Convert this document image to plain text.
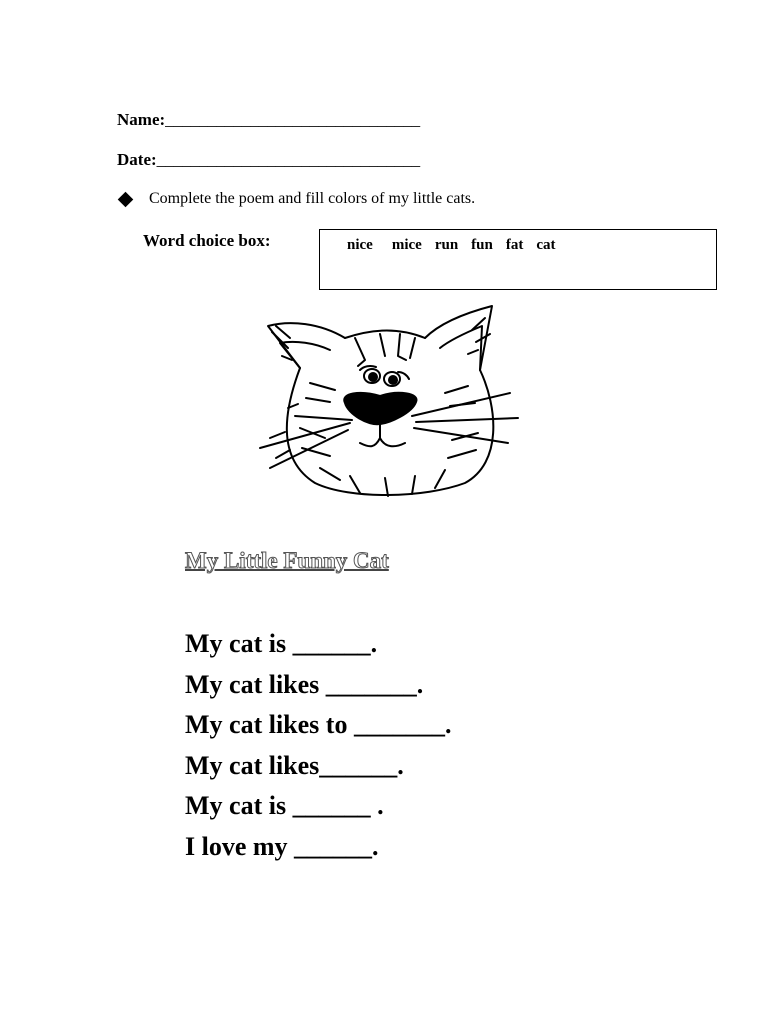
Name:______________________________
Date:_______________________________
Complete the poem and fill colors of my little cats.
Word choice box:	nice mice run fun fat cat
My Little Funny Cat
My cat is ______.
My cat likes _______.
My cat likes to _______.
My cat likes______.
My cat is ______ .
I love my ______.
